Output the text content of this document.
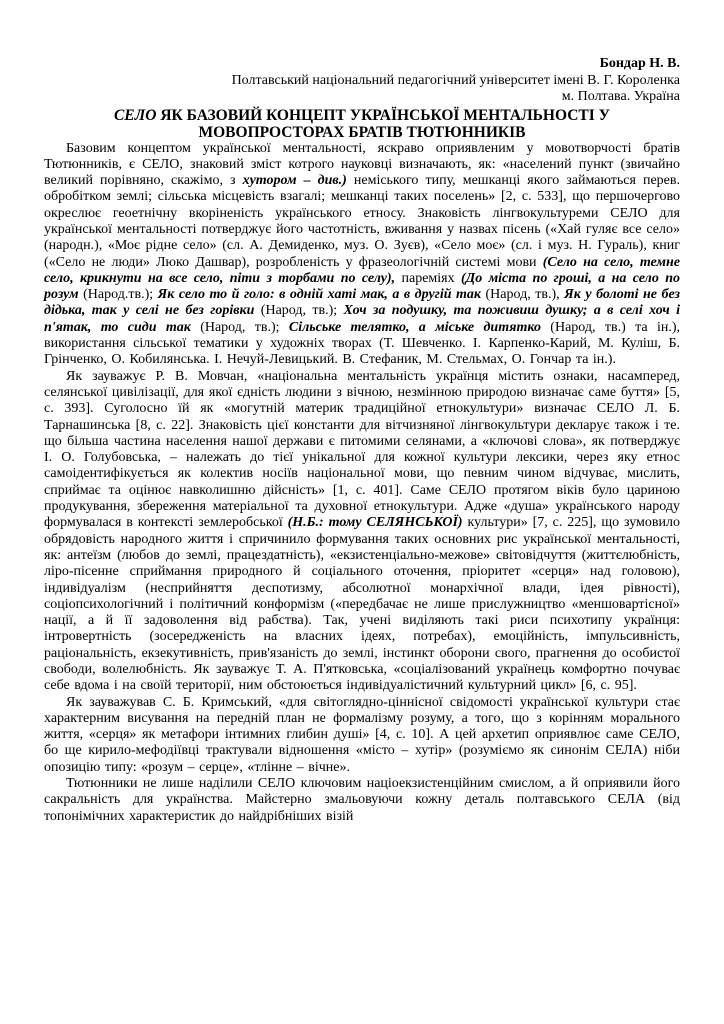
Бондар Н. В.
Полтавський національний педагогічний університет імені В. Г. Короленка
м. Полтава. Україна
СЕЛО ЯК БАЗОВИЙ КОНЦЕПТ УКРАЇНСЬКОЇ МЕНТАЛЬНОСТІ У МОВОПРОСТОРАХ БРАТІВ ТЮТЮННИКІВ

Базовим концептом української ментальності, яскраво оприявленим у мовотворчості братів Тютюнників, є СЕЛО, знаковий зміст котрого науковці визначають, як: «населений пункт (звичайно великий порівняно, скажімо, з хутором – див.) неміського типу, мешканці якого займаються перев. обробітком землі; сільська місцевість взагалі; мешканці таких поселень» [2, с. 533], що першочергово окреслює геоетнічну вкоріненість українського етносу. Знаковість лінгвокультуреми СЕЛО для української ментальності потверджує його частотність, вживання у назвах пісень («Хай гуляє все село» (народн.), «Моє рідне село» (сл. А. Демиденко, муз. О. Зуєв), «Село моє» (сл. і муз. Н. Гураль), книг («Село не люди» Люко Дашвар), розробленість у фразеологічній системі мови (Село на село, темне село, крикнути на все село, піти з торбами по селу), пареміях (До міста по гроші, а на село по розум (Народ.тв.); Як село то й голо: в одній хаті мак, а в другій так (Народ, тв.), Як у болоті не без дідька, так у селі не без горівки (Народ, тв.); Хоч за подушку, та поживиш душку; а в селі хоч і п'ятак, то сиди так (Народ, тв.); Сільське телятко, а міське дитятко (Народ, тв.) та ін.), використання сільської тематики у художніх творах (Т. Шевченко. І. Карпенко-Карий, М. Куліш, Б. Грінченко, О. Кобилянська. І. Нечуй-Левицький. В. Стефаник, М. Стельмах, О. Гончар та ін.).

Як зауважує Р. В. Мовчан, «національна ментальність українця містить ознаки, насамперед, селянської цивілізації, для якої єдність людини з вічною, незмінною природою визначає саме буття» [5, с. 393]. Суголосно їй як «могутній материк традиційної етнокультури» визначає СЕЛО Л. Б. Тарнашинська [8, с. 22]. Знаковість цієї константи для вітчизняної лінгвокультури декларує також і те. що більша частина населення нашої держави є питомими селянами, а «ключові слова», як потверджує І. О. Голубовська, – належать до тієї унікальної для кожної культури лексики, через яку етнос самоідентифікується як колектив носіїв національної мови, що певним чином відчуває, мислить, сприймає та оцінює навколишню дійсність» [1, с. 401]. Саме СЕЛО протягом віків було цариною продукування, збереження матеріальної та духовної етнокультури. Адже «душа» українського народу формувалася в контексті землеробської (Н.Б.: тому СЕЛЯНСЬКОЇ) культури» [7, с. 225], що зумовило обрядовість народного життя і спричинило формування таких основних рис української ментальності, як: антеїзм (любов до землі, працездатність), «екзистенціально-межове» світовідчуття (життєлюбність, ліро-пісенне сприймання природного й соціального оточення, пріоритет «серця» над головою), індивідуалізм (несприйняття деспотизму, абсолютної монархічної влади, ідея рівності), соціопсихологічний і політичний конформізм («передбачає не лише прислужництво «меншовартісної» нації, а й її задоволення від рабства). Так, учені виділяють такі риси психотипу українця: інтровертність (зосередженість на власних ідеях, потребах), емоційність, імпульсивність, раціональність, екзекутивність, прив'язаність до землі, інстинкт оборони свого, прагнення до особистої свободи, волелюбність. Як зауважує Т. А. П'ятковська, «соціалізований українець комфортно почуває себе вдома і на своїй території, ним обстоюється індивідуалістичний культурний цикл» [6, с. 95].

Як зауважував С. Б. Кримський, «для світоглядно-ціннісної свідомості української культури стає характерним висування на передній план не формалізму розуму, а того, що з корінням морального життя, «серця» як метафори інтимних глибин душі» [4, с. 10]. А цей архетип оприявлює саме СЕЛО, бо ще кирило-мефодіївці трактували відношення «місто – хутір» (розуміємо як синонім СЕЛА) ніби опозицію типу: «розум – серце», «тлінне – вічне».

Тютюнники не лише наділили СЕЛО ключовим націоекзистенційним смислом, а й оприявили його сакральність для українства. Майстерно змальовуючи кожну деталь полтавського СЕЛА (від топонімічних характеристик до найдрібніших візій
